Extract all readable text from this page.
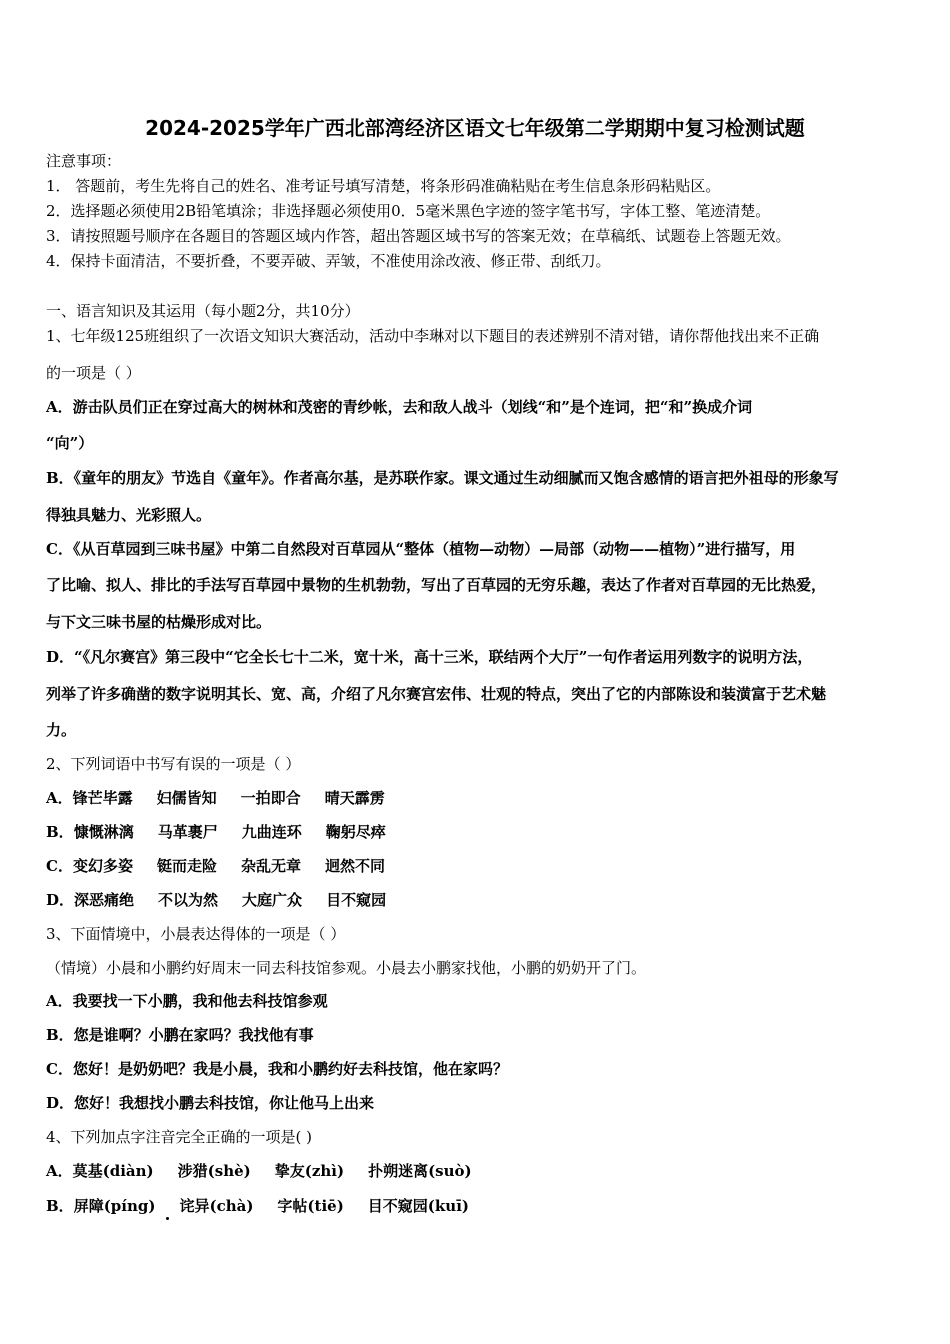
2024-2025学年广西北部湾经济区语文七年级第二学期期中复习检测试题
注意事项：
1． 答题前，考生先将自己的姓名、准考证号填写清楚，将条形码准确粘贴在考生信息条形码粘贴区。
2．选择题必须使用2B铅笔填涂；非选择题必须使用0．5毫米黑色字迹的签字笔书写，字体工整、笔迹清楚。
3．请按照题号顺序在各题目的答题区域内作答，超出答题区域书写的答案无效；在草稿纸、试题卷上答题无效。
4．保持卡面清洁，不要折叠，不要弄破、弄皱，不准使用涂改液、修正带、刮纸刀。
一、语言知识及其运用（每小题2分，共10分）
1、七年级125班组织了一次语文知识大赛活动，活动中李琳对以下题目的表述辨别不清对错，请你帮他找出来不正确
的一项是（ ）
A．游击队员们正在穿过高大的树林和茂密的青纱帐，去和敌人战斗（划线“和”是个连词，把“和”换成介词
“向”）
B．《童年的朋友》节选自《童年》。作者高尔基，是苏联作家。课文通过生动细腻而又饱含感情的语言把外祖母的形象写
得独具魅力、光彩照人。
C．《从百草园到三味书屋》中第二自然段对百草园从“整体（植物—动物）—局部（动物——植物）”进行描写，用
了比喻、拟人、排比的手法写百草园中景物的生机勃勃，写出了百草园的无穷乐趣，表达了作者对百草园的无比热爱，
与下文三味书屋的枯燥形成对比。
D．“《凡尔赛宫》第三段中“它全长七十二米，宽十米，高十三米，联结两个大厅”一句作者运用列数字的说明方法，
列举了许多确凿的数字说明其长、宽、高，介绍了凡尔赛宫宏伟、壮观的特点，突出了它的内部陈设和装潢富于艺术魅
力。
2、下列词语中书写有误的一项是（ ）
A．锋芒毕露 妇儒皆知 一拍即合 晴天霹雳
B．慷慨淋漓 马革裹尸 九曲连环 鞠躬尽瘁
C．变幻多姿 铤而走险 杂乱无章 迥然不同
D．深恶痛绝 不以为然 大庭广众 目不窥园
3、下面情境中，小晨表达得体的一项是（ ）
（情境）小晨和小鹏约好周末一同去科技馆参观。小晨去小鹏家找他，小鹏的奶奶开了门。
A．我要找一下小鹏，我和他去科技馆参观
B．您是谁啊？小鹏在家吗？我找他有事
C．您好！是奶奶吧？我是小晨，我和小鹏约好去科技馆，他在家吗？
D．您好！我想找小鹏去科技馆，你让他马上出来
4、下列加点字注音完全正确的一项是( )
A．莫基(diàn) 涉猎(shè) 挚友(zhì) 扑朔迷离(suò)
B．屏障(píng) 诧异(chà) 字帖(tiē) 目不窥园(kuī)
